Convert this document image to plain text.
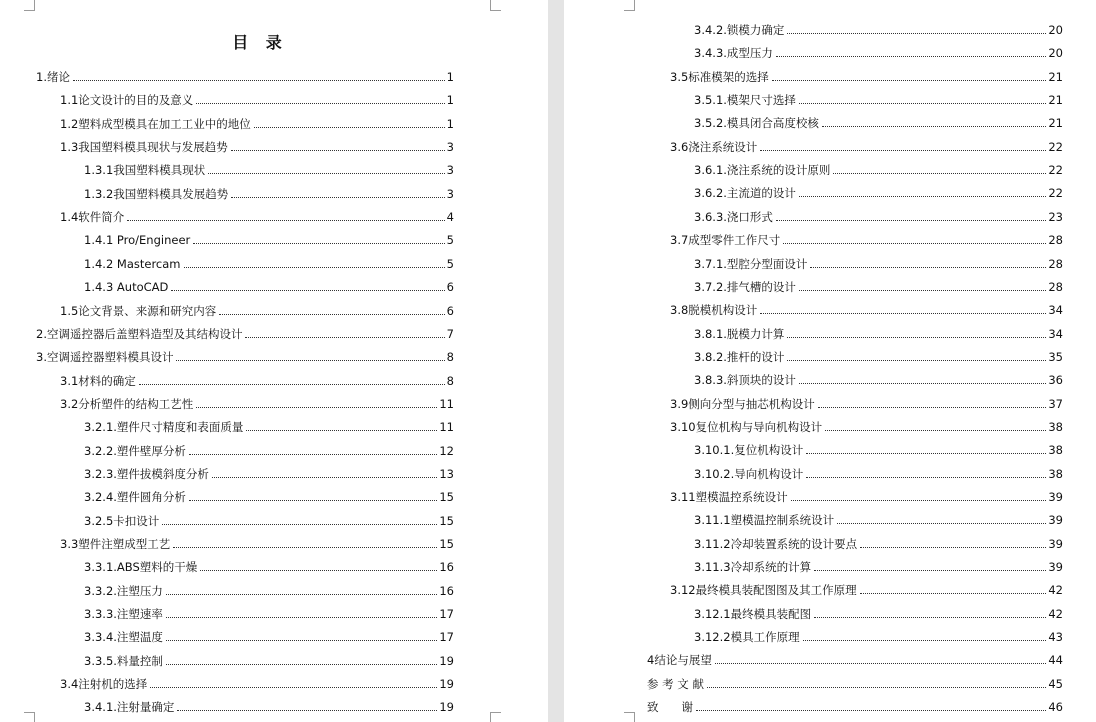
目 录
1.绪论	1
1.1论文设计的目的及意义	1
1.2塑料成型模具在加工工业中的地位	1
1.3我国塑料模具现状与发展趋势	3
1.3.1我国塑料模具现状	3
1.3.2我国塑料模具发展趋势	3
1.4软件简介	4
1.4.1 Pro/Engineer	5
1.4.2 Mastercam	5
1.4.3 AutoCAD	6
1.5论文背景、来源和研究内容	6
2.空调遥控器后盖塑料造型及其结构设计	7
3.空调遥控器塑料模具设计	8
3.1材料的确定	8
3.2分析塑件的结构工艺性	11
3.2.1.塑件尺寸精度和表面质量	11
3.2.2.塑件壁厚分析	12
3.2.3.塑件拔模斜度分析	13
3.2.4.塑件圆角分析	15
3.2.5卡扣设计	15
3.3塑件注塑成型工艺	15
3.3.1.ABS塑料的干燥	16
3.3.2.注塑压力	16
3.3.3.注塑速率	17
3.3.4.注塑温度	17
3.3.5.料量控制	19
3.4注射机的选择	19
3.4.1.注射量确定	19
3.4.2.锁模力确定	20
3.4.3.成型压力	20
3.5标准模架的选择	21
3.5.1.模架尺寸选择	21
3.5.2.模具闭合高度校核	21
3.6浇注系统设计	22
3.6.1.浇注系统的设计原则	22
3.6.2.主流道的设计	22
3.6.3.浇口形式	23
3.7成型零件工作尺寸	28
3.7.1.型腔分型面设计	28
3.7.2.排气槽的设计	28
3.8脱模机构设计	34
3.8.1.脱模力计算	34
3.8.2.推杆的设计	35
3.8.3.斜顶块的设计	36
3.9侧向分型与抽芯机构设计	37
3.10复位机构与导向机构设计	38
3.10.1.复位机构设计	38
3.10.2.导向机构设计	38
3.11塑模温控系统设计	39
3.11.1塑模温控制系统设计	39
3.11.2冷却装置系统的设计要点	39
3.11.3冷却系统的计算	39
3.12最终模具装配图图及其工作原理	42
3.12.1最终模具装配图	42
3.12.2模具工作原理	43
4结论与展望	44
参 考 文 献	45
致　　谢	46
